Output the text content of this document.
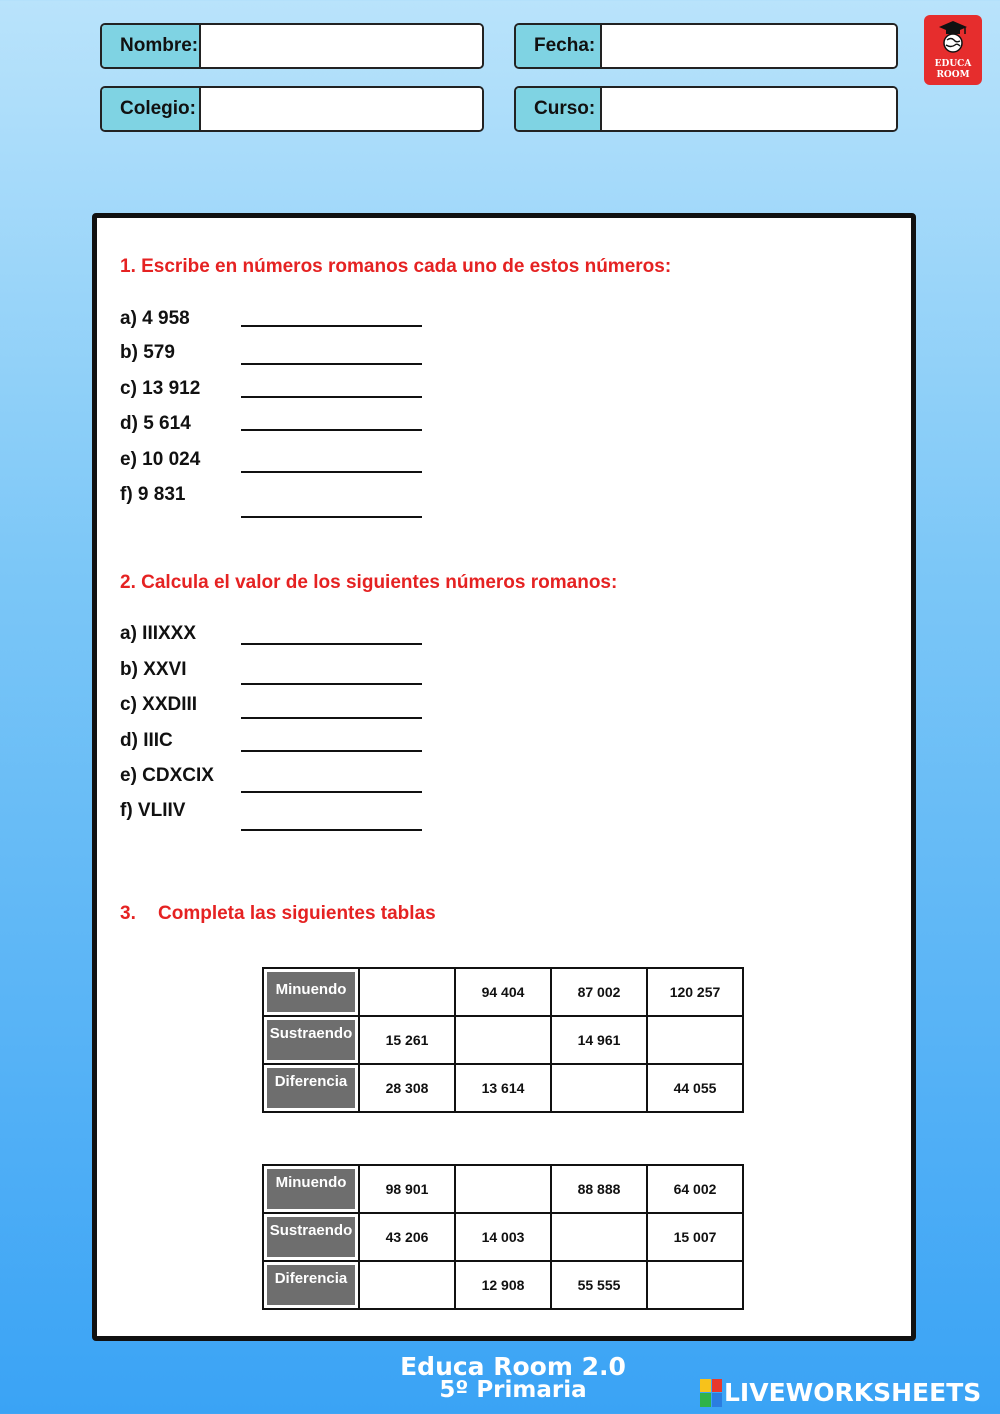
Nombre:	Fecha:
Colegio:	Curso:
EDUCA
ROOM
1. Escribe en números romanos cada uno de estos números:
a) 4 958
b) 579
c) 13 912
d) 5 614
e) 10 024
f) 9 831
2. Calcula el valor de los siguientes números romanos:
a) IIIXXX
b) XXVI
c) XXDIII
d) IIIC
e) CDXCIX
f) VLIIV
3. Completa las siguientes tablas
Minuendo		94 404	87 002	120 257
Sustraendo	15 261		14 961	
Diferencia	28 308	13 614		44 055
Minuendo	98 901		88 888	64 002
Sustraendo	43 206	14 003		15 007
Diferencia		12 908	55 555	
Educa Room 2.0
5º Primaria	LIVEWORKSHEETS
